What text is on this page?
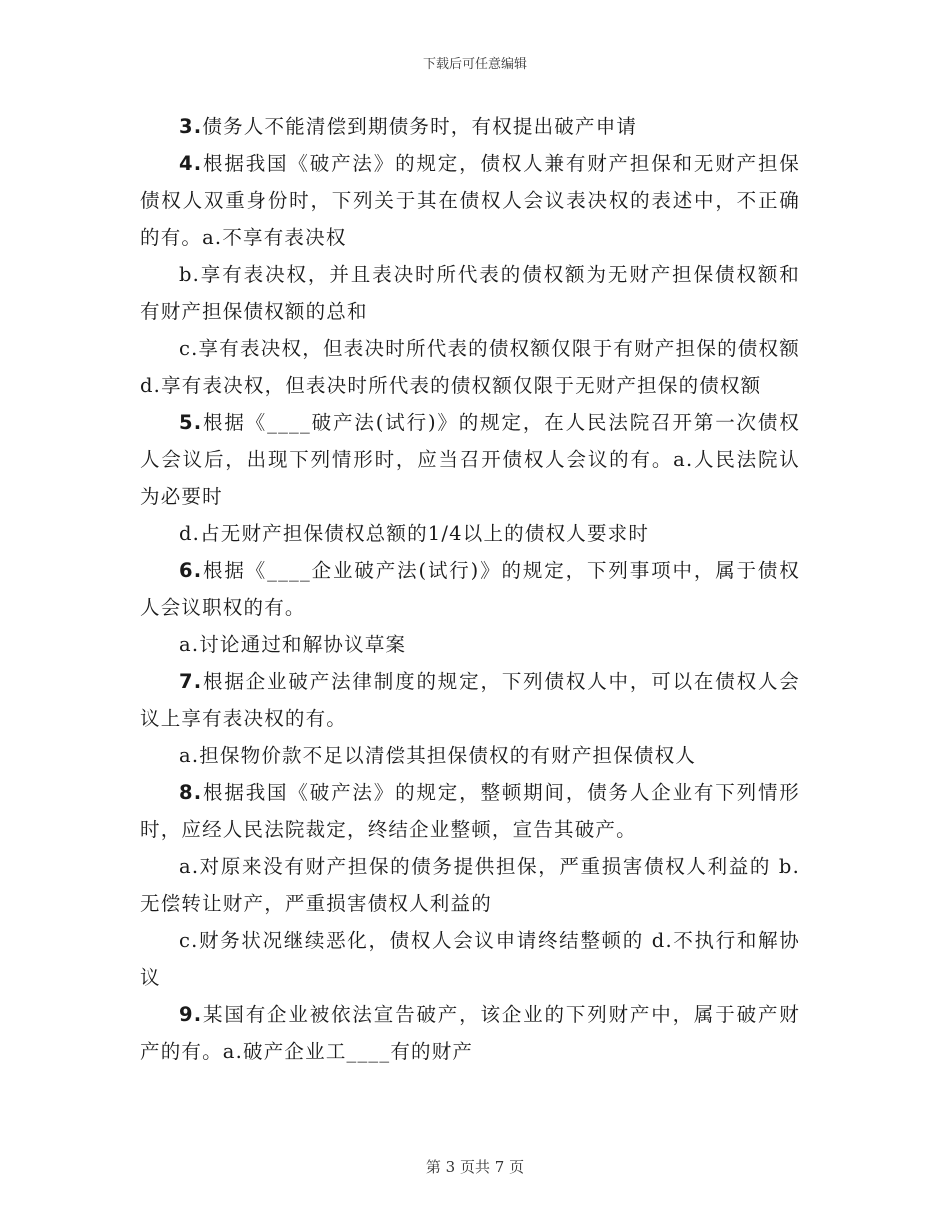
下载后可任意编辑

3.债务人不能清偿到期债务时，有权提出破产申请

4.根据我国《破产法》的规定，债权人兼有财产担保和无财产担保债权人双重身份时，下列关于其在债权人会议表决权的表述中，不正确的有。a.不享有表决权

b.享有表决权，并且表决时所代表的债权额为无财产担保债权额和有财产担保债权额的总和

c.享有表决权，但表决时所代表的债权额仅限于有财产担保的债权额 d.享有表决权，但表决时所代表的债权额仅限于无财产担保的债权额

5.根据《____破产法(试行)》的规定，在人民法院召开第一次债权人会议后，出现下列情形时，应当召开债权人会议的有。a.人民法院认为必要时

d.占无财产担保债权总额的1/4以上的债权人要求时

6.根据《____企业破产法(试行)》的规定，下列事项中，属于债权人会议职权的有。

a.讨论通过和解协议草案

7.根据企业破产法律制度的规定，下列债权人中，可以在债权人会议上享有表决权的有。

a.担保物价款不足以清偿其担保债权的有财产担保债权人

8.根据我国《破产法》的规定，整顿期间，债务人企业有下列情形时，应经人民法院裁定，终结企业整顿，宣告其破产。

a.对原来没有财产担保的债务提供担保，严重损害债权人利益的 b.无偿转让财产，严重损害债权人利益的

c.财务状况继续恶化，债权人会议申请终结整顿的 d.不执行和解协议

9.某国有企业被依法宣告破产，该企业的下列财产中，属于破产财产的有。a.破产企业工____有的财产

第 3 页共 7 页
